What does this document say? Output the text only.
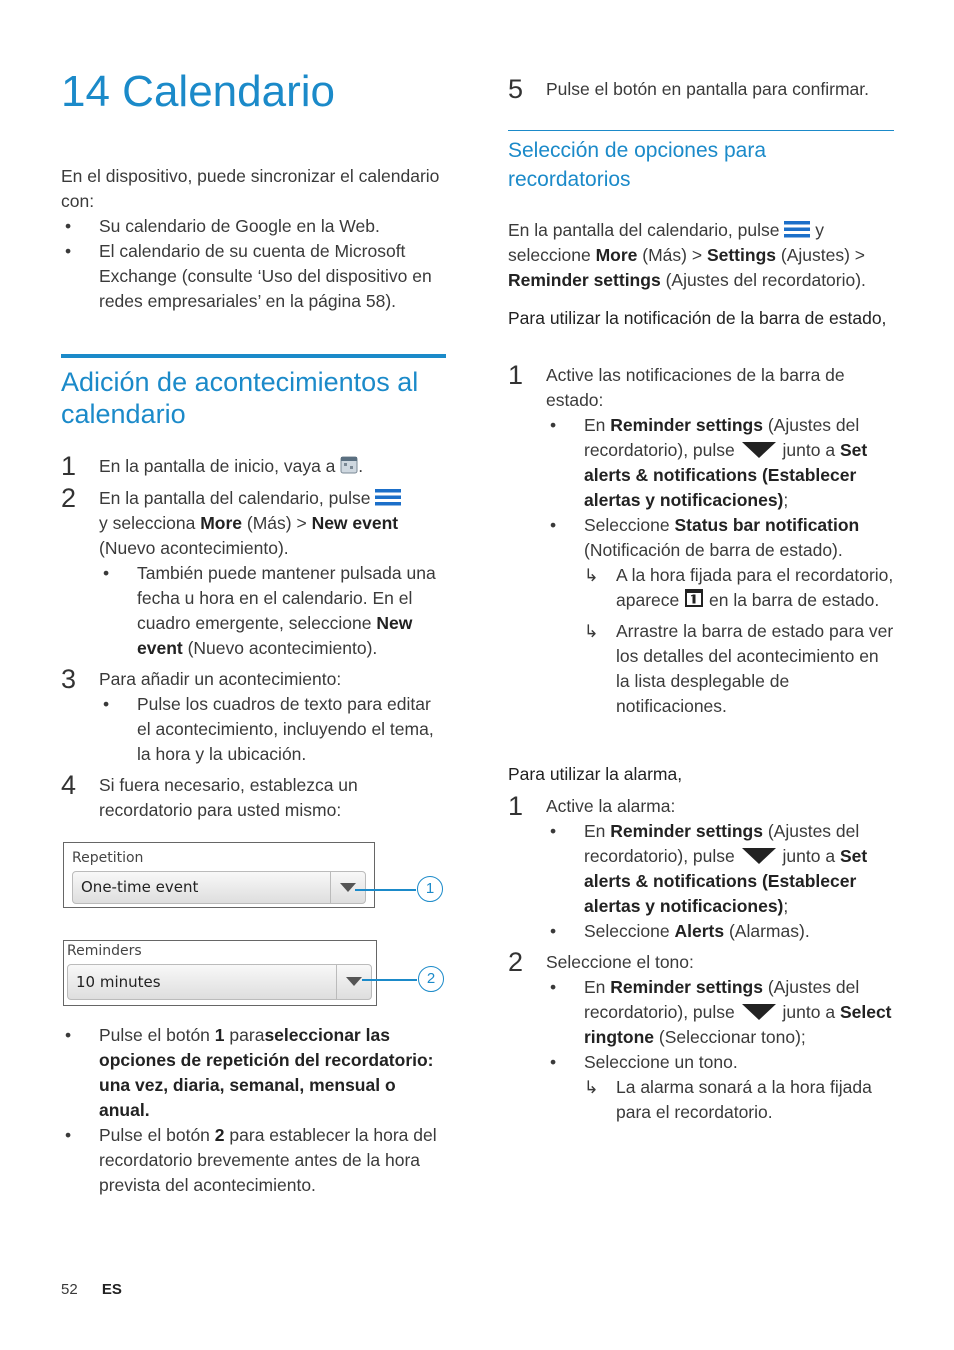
14 Calendario
En el dispositivo, puede sincronizar el calendario con:
• Su calendario de Google en la Web.
• El calendario de su cuenta de Microsoft Exchange (consulte ‘Uso del dispositivo en redes empresariales’ en la página 58).
Adición de acontecimientos al calendario
1	En la pantalla de inicio, vaya a .
2	En la pantalla del calendario, pulse
y selecciona More (Más) > New event (Nuevo acontecimiento).
• También puede mantener pulsada una fecha u hora en el calendario. En el cuadro emergente, seleccione New event (Nuevo acontecimiento).
3	Para añadir un acontecimiento:
• Pulse los cuadros de texto para editar el acontecimiento, incluyendo el tema, la hora y la ubicación.
4	Si fuera necesario, establezca un recordatorio para usted mismo:
Repetition
One-time event	1
Reminders
10 minutes	2
• Pulse el botón 1 paraseleccionar las opciones de repetición del recordatorio: una vez, diaria, semanal, mensual o anual.
• Pulse el botón 2 para establecer la hora del recordatorio brevemente antes de la hora prevista del acontecimiento.
5	Pulse el botón en pantalla para confirmar.
Selección de opciones para recordatorios
En la pantalla del calendario, pulse y
seleccione More (Más) > Settings (Ajustes) >
Reminder settings (Ajustes del recordatorio).
Para utilizar la notificación de la barra de estado,
1	Active las notificaciones de la barra de estado:
• En Reminder settings (Ajustes del recordatorio), pulse	junto a Set alerts & notifications (Establecer alertas y notificaciones);
• Seleccione Status bar notification (Notificación de barra de estado).
↳ A la hora fijada para el recordatorio, aparece en la barra de estado.
↳ Arrastre la barra de estado para ver los detalles del acontecimiento en la lista desplegable de notificaciones.
Para utilizar la alarma,
1	Active la alarma:
• En Reminder settings (Ajustes del recordatorio), pulse	junto a Set alerts & notifications (Establecer alertas y notificaciones);
• Seleccione Alerts (Alarmas).
2	Seleccione el tono:
• En Reminder settings (Ajustes del recordatorio), pulse	junto a Select ringtone (Seleccionar tono);
• Seleccione un tono.
↳ La alarma sonará a la hora fijada para el recordatorio.
52 ES
